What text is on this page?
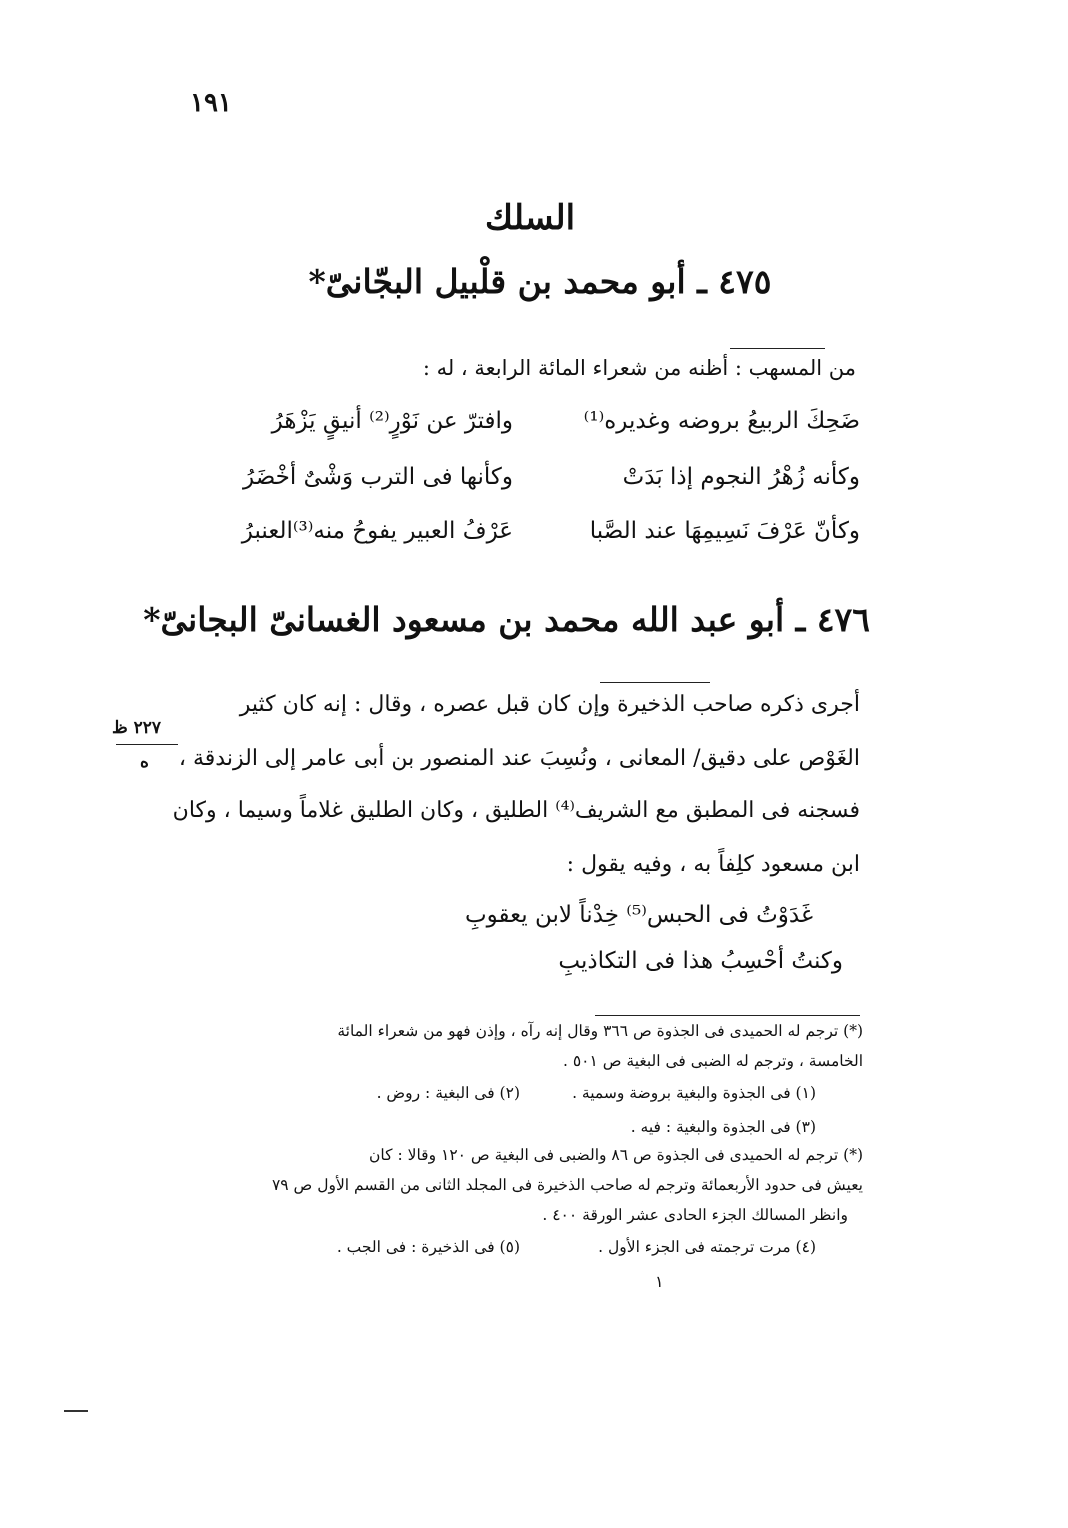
١٩١
السلك
٤٧٥ ـ أبو محمد بن قلْبيل البجّانىّ*
من المسهب : أظنه من شعراء المائة الرابعة ، له :
ضَحِكَ الربيعُ بروضه وغديره⁽¹⁾
وافترّ عن نَوْرٍ⁽²⁾ أنيقٍ يَزْهَرُ
وكأنه زُهْرُ النجوم إذا بَدَتْ
وكأنها فى الترب وَشْىٌ أخْضَرُ
وكأنّ عَرْفَ نَسِيمِهَا عند الصَّبا
عَرْفُ العبير يفوحُ منه⁽³⁾العنبرُ
٤٧٦ ـ أبو عبد الله محمد بن مسعود الغسانىّ البجانىّ*
أجرى ذكره صاحب الذخيرة وإن كان قبل عصره ، وقال : إنه كان كثير
الغَوْص على دقيق/ المعانى ، ونُسِبَ عند المنصور بن أبى عامر إلى الزندقة ،
فسجنه فى المطبق مع الشريف⁽⁴⁾ الطليق ، وكان الطليق غلاماً وسيما ، وكان
ابن مسعود كلِفاً به ، وفيه يقول :
٢٢٧ ظ
ه
غَدَوْتُ فى الحبس⁽⁵⁾ خِدْناً لابن يعقوبِ
وكنتُ أحْسِبُ هذا فى التكاذيبِ
(*) ترجم له الحميدى فى الجذوة ص ٣٦٦ وقال إنه رآه ، وإذن فهو من شعراء المائة
الخامسة ، وترجم له الضبى فى البغية ص ٥٠١ .
(١) فى الجذوة والبغية بروضة وسمية .
(٢) فى البغية : روض .
(٣) فى الجذوة والبغية : فيه .
(*) ترجم له الحميدى فى الجذوة ص ٨٦ والضبى فى البغية ص ١٢٠ وقالا : كان
يعيش فى حدود الأربعمائة وترجم له صاحب الذخيرة فى المجلد الثانى من القسم الأول ص ٧٩
وانظر المسالك الجزء الحادى عشر الورقة ٤٠٠ .
(٤) مرت ترجمته فى الجزء الأول .
(٥) فى الذخيرة : فى الجب .
١
